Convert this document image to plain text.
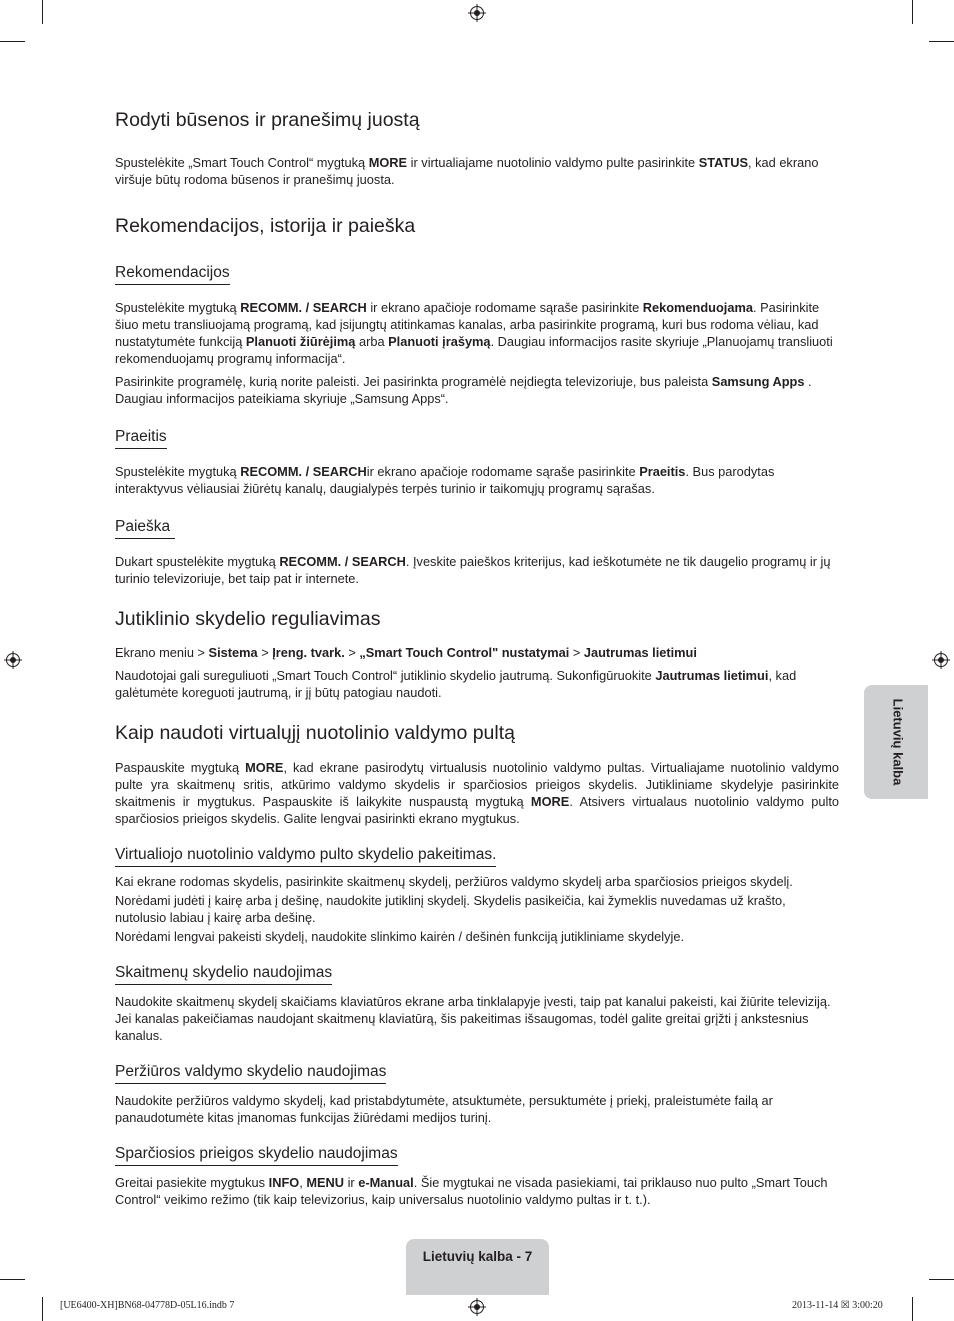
Rodyti būsenos ir pranešimų juostą

Spustelėkite „Smart Touch Control“ mygtuką MORE ir virtualiajame nuotolinio valdymo pulte pasirinkite STATUS, kad ekrano viršuje būtų rodoma būsenos ir pranešimų juosta.

Rekomendacijos, istorija ir paieška
Rekomendacijos

Spustelėkite mygtuką RECOMM. / SEARCH ir ekrano apačioje rodomame sąraše pasirinkite Rekomenduojama. Pasirinkite šiuo metu transliuojamą programą, kad įsijungtų atitinkamas kanalas, arba pasirinkite programą, kuri bus rodoma vėliau, kad nustatytumėte funkciją Planuoti žiūrėjimą arba Planuoti įrašymą. Daugiau informacijos rasite skyriuje „Planuojamų transliuoti rekomenduojamų programų informacija“.

Pasirinkite programėlę, kurią norite paleisti. Jei pasirinkta programėlė neįdiegta televizoriuje, bus paleista Samsung Apps . Daugiau informacijos pateikiama skyriuje „Samsung Apps“.

Praeitis

Spustelėkite mygtuką RECOMM. / SEARCHir ekrano apačioje rodomame sąraše pasirinkite Praeitis. Bus parodytas interaktyvus vėliausiai žiūrėtų kanalų, daugialypės terpės turinio ir taikomųjų programų sąrašas.

Paieška

Dukart spustelėkite mygtuką RECOMM. / SEARCH. Įveskite paieškos kriterijus, kad ieškotumėte ne tik daugelio programų ir jų turinio televizoriuje, bet taip pat ir internete.

Jutiklinio skydelio reguliavimas

Ekrano meniu > Sistema > Įreng. tvark. > „Smart Touch Control" nustatymai > Jautrumas lietimui

Naudotojai gali sureguliuoti „Smart Touch Control“ jutiklinio skydelio jautrumą. Sukonfigūruokite Jautrumas lietimui, kad galėtumėte koreguoti jautrumą, ir jį būtų patogiau naudoti.

Kaip naudoti virtualųjį nuotolinio valdymo pultą

Paspauskite mygtuką MORE, kad ekrane pasirodytų virtualusis nuotolinio valdymo pultas. Virtualiajame nuotolinio valdymo pulte yra skaitmenų sritis, atkūrimo valdymo skydelis ir sparčiosios prieigos skydelis. Jutikliniame skydelyje pasirinkite skaitmenis ir mygtukus. Paspauskite iš laikykite nuspaustą mygtuką MORE. Atsivers virtualaus nuotolinio valdymo pulto sparčiosios prieigos skydelis. Galite lengvai pasirinkti ekrano mygtukus.

Virtualiojo nuotolinio valdymo pulto skydelio pakeitimas.

Kai ekrane rodomas skydelis, pasirinkite skaitmenų skydelį, peržiūros valdymo skydelį arba sparčiosios prieigos skydelį.

Norėdami judėti į kairę arba į dešinę, naudokite jutiklinį skydelį. Skydelis pasikeičia, kai žymeklis nuvedamas už krašto, nutolusio labiau į kairę arba dešinę.

Norėdami lengvai pakeisti skydelį, naudokite slinkimo kairėn / dešinėn funkciją jutikliniame skydelyje.

Skaitmenų skydelio naudojimas

Naudokite skaitmenų skydelį skaičiams klaviatūros ekrane arba tinklalapyje įvesti, taip pat kanalui pakeisti, kai žiūrite televiziją. Jei kanalas pakeičiamas naudojant skaitmenų klaviatūrą, šis pakeitimas išsaugomas, todėl galite greitai grįžti į ankstesnius kanalus.

Peržiūros valdymo skydelio naudojimas

Naudokite peržiūros valdymo skydelį, kad pristabdytumėte, atsuktumėte, persuktumėte į priekį, praleistumėte failą ar panaudotumėte kitas įmanomas funkcijas žiūrėdami medijos turinį.

Sparčiosios prieigos skydelio naudojimas

Greitai pasiekite mygtukus INFO, MENU ir e-Manual. Šie mygtukai ne visada pasiekiami, tai priklauso nuo pulto „Smart Touch Control“ veikimo režimo (tik kaip televizorius, kaip universalus nuotolinio valdymo pultas ir t. t.).

Lietuvių kalba
Lietuvių kalba - 7
[UE6400-XH]BN68-04778D-05L16.indb 7	2013-11-14 ☒ 3:00:20
